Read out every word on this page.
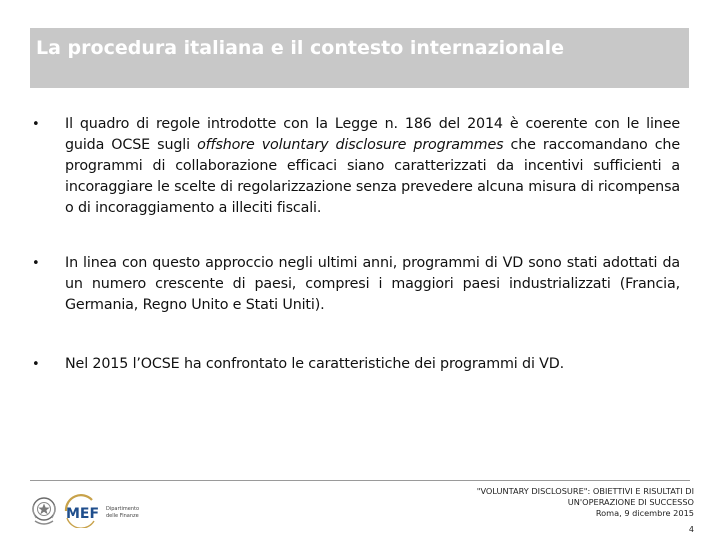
La procedura italiana e il contesto internazionale
• Il quadro di regole introdotte con la Legge n. 186 del 2014 è coerente con le linee guida OCSE sugli offshore voluntary disclosure programmes che raccomandano che programmi di collaborazione efficaci siano caratterizzati da incentivi sufficienti a incoraggiare le scelte di regolarizzazione senza prevedere alcuna misura di ricompensa o di incoraggiamento a illeciti fiscali.
• In linea con questo approccio negli ultimi anni, programmi di VD sono stati adottati da un numero crescente di paesi, compresi i maggiori paesi industrializzati (Francia, Germania, Regno Unito e Stati Uniti).
• Nel 2015 l’OCSE ha confrontato le caratteristiche dei programmi di VD.
MEF Dipartimento
delle Finanze
"VOLUNTARY DISCLOSURE": OBIETTIVI E RISULTATI DI
UN'OPERAZIONE DI SUCCESSO
Roma, 9 dicembre 2015
4
